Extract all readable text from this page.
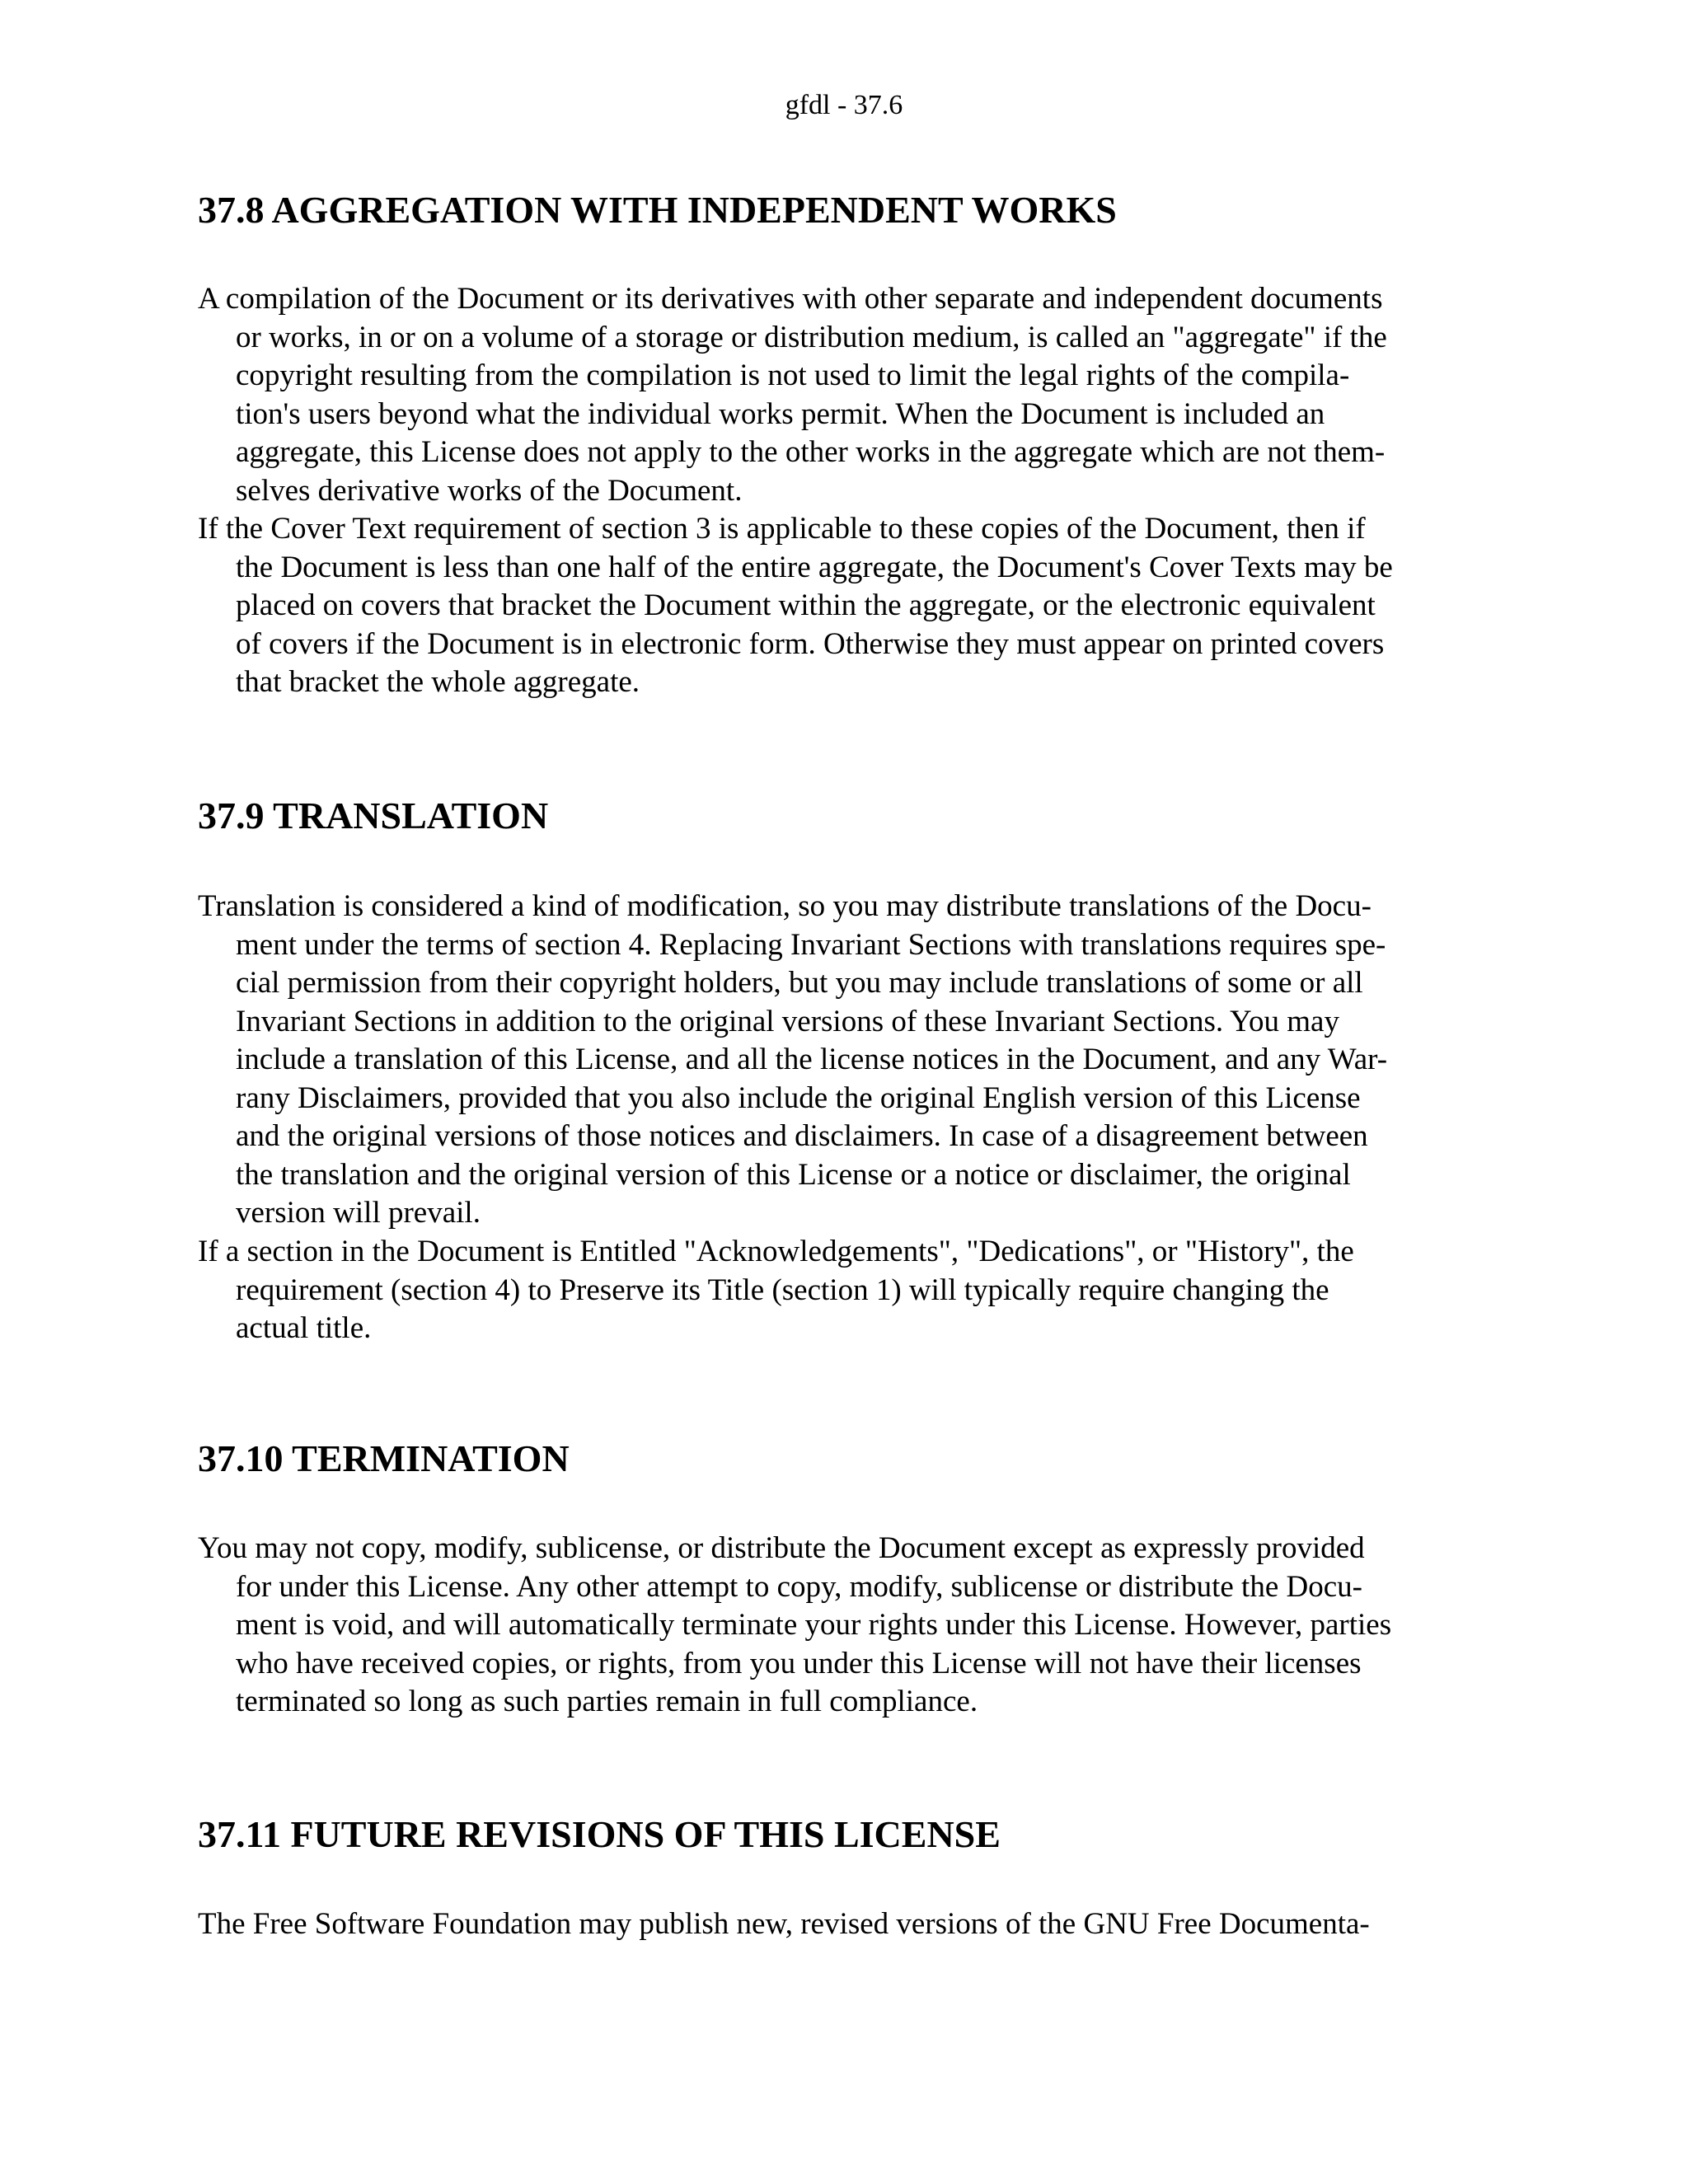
gfdl - 37.6
37.8 AGGREGATION WITH INDEPENDENT WORKS
A compilation of the Document or its derivatives with other separate and independent documents
or works, in or on a volume of a storage or distribution medium, is called an "aggregate" if the
copyright resulting from the compilation is not used to limit the legal rights of the compila-
tion's users beyond what the individual works permit. When the Document is included an
aggregate, this License does not apply to the other works in the aggregate which are not them-
selves derivative works of the Document.
If the Cover Text requirement of section 3 is applicable to these copies of the Document, then if
the Document is less than one half of the entire aggregate, the Document's Cover Texts may be
placed on covers that bracket the Document within the aggregate, or the electronic equivalent
of covers if the Document is in electronic form. Otherwise they must appear on printed covers
that bracket the whole aggregate.
37.9 TRANSLATION
Translation is considered a kind of modification, so you may distribute translations of the Docu-
ment under the terms of section 4. Replacing Invariant Sections with translations requires spe-
cial permission from their copyright holders, but you may include translations of some or all
Invariant Sections in addition to the original versions of these Invariant Sections. You may
include a translation of this License, and all the license notices in the Document, and any War-
rany Disclaimers, provided that you also include the original English version of this License
and the original versions of those notices and disclaimers. In case of a disagreement between
the translation and the original version of this License or a notice or disclaimer, the original
version will prevail.
If a section in the Document is Entitled "Acknowledgements", "Dedications", or "History", the
requirement (section 4) to Preserve its Title (section 1) will typically require changing the
actual title.
37.10 TERMINATION
You may not copy, modify, sublicense, or distribute the Document except as expressly provided
for under this License. Any other attempt to copy, modify, sublicense or distribute the Docu-
ment is void, and will automatically terminate your rights under this License. However, parties
who have received copies, or rights, from you under this License will not have their licenses
terminated so long as such parties remain in full compliance.
37.11 FUTURE REVISIONS OF THIS LICENSE
The Free Software Foundation may publish new, revised versions of the GNU Free Documenta-
